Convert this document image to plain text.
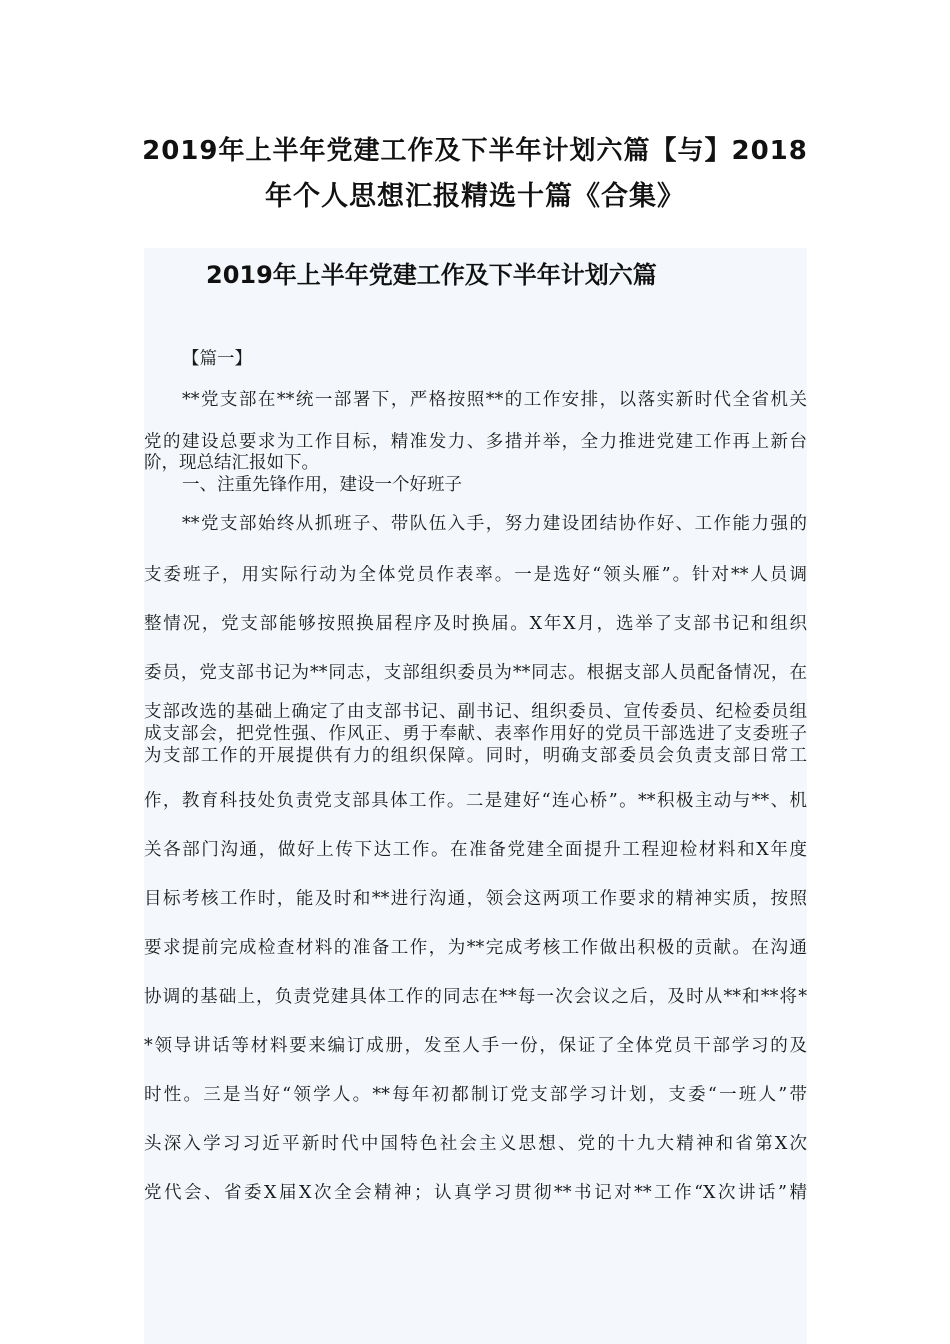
2019年上半年党建工作及下半年计划六篇【与】2018
年个人思想汇报精选十篇《合集》
2019年上半年党建工作及下半年计划六篇
【篇一】
**党支部在**统一部署下，严格按照**的工作安排，以落实新时代全省机关
党的建设总要求为工作目标，精准发力、多措并举，全力推进党建工作再上新台
阶，现总结汇报如下。
一、注重先锋作用，建设一个好班子
**党支部始终从抓班子、带队伍入手，努力建设团结协作好、工作能力强的
支委班子，用实际行动为全体党员作表率。一是选好“领头雁”。针对**人员调
整情况，党支部能够按照换届程序及时换届。X年X月，选举了支部书记和组织
委员，党支部书记为**同志，支部组织委员为**同志。根据支部人员配备情况，在
支部改选的基础上确定了由支部书记、副书记、组织委员、宣传委员、纪检委员组
成支部会，把党性强、作风正、勇于奉献、表率作用好的党员干部选进了支委班子
为支部工作的开展提供有力的组织保障。同时，明确支部委员会负责支部日常工
作，教育科技处负责党支部具体工作。二是建好“连心桥”。**积极主动与**、机
关各部门沟通，做好上传下达工作。在准备党建全面提升工程迎检材料和X年度
目标考核工作时，能及时和**进行沟通，领会这两项工作要求的精神实质，按照
要求提前完成检查材料的准备工作，为**完成考核工作做出积极的贡献。在沟通
协调的基础上，负责党建具体工作的同志在**每一次会议之后，及时从**和**将*
*领导讲话等材料要来编订成册，发至人手一份，保证了全体党员干部学习的及
时性。三是当好“领学人。**每年初都制订党支部学习计划，支委“一班人”带
头深入学习习近平新时代中国特色社会主义思想、党的十九大精神和省第X次
党代会、省委X届X次全会精神；认真学习贯彻**书记对**工作“X次讲话”精
